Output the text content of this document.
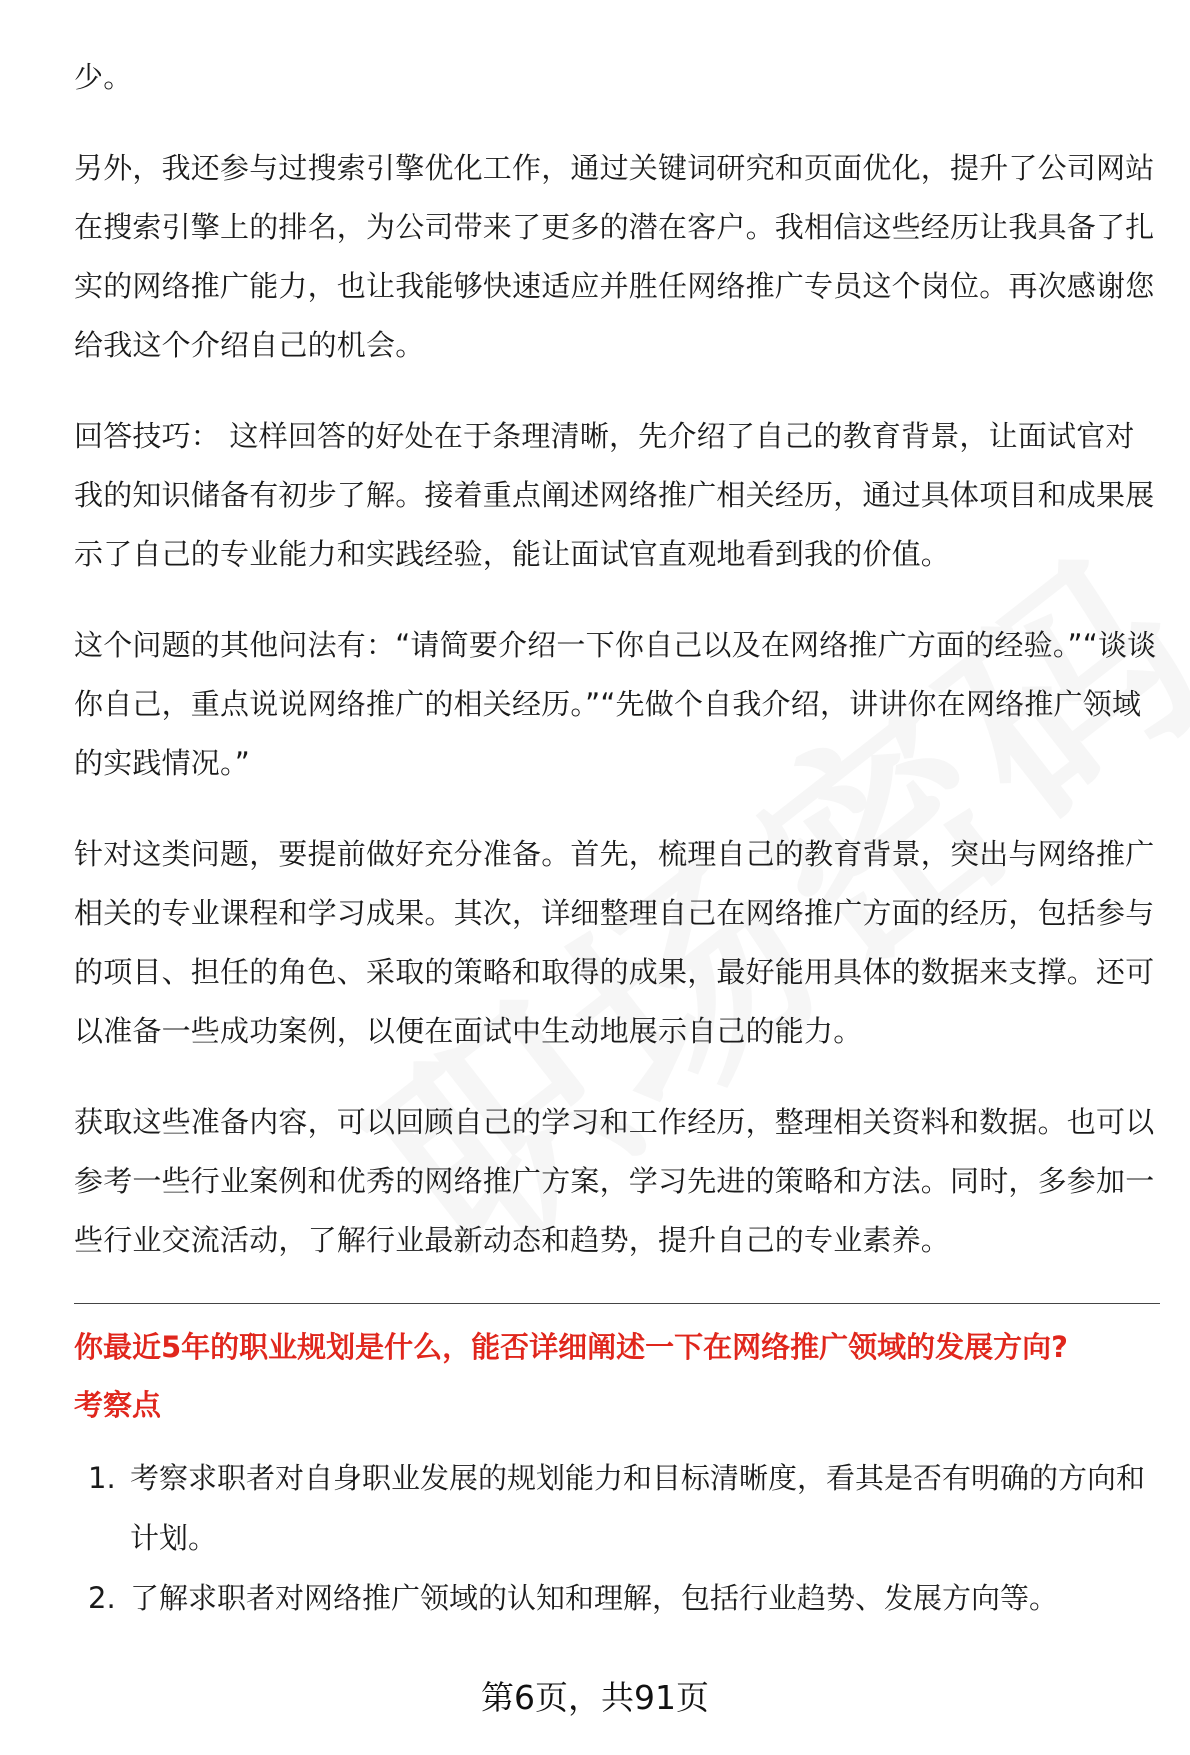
少。

另外，我还参与过搜索引擎优化工作，通过关键词研究和页面优化，提升了公司网站在搜索引擎上的排名，为公司带来了更多的潜在客户。我相信这些经历让我具备了扎实的网络推广能力，也让我能够快速适应并胜任网络推广专员这个岗位。再次感谢您给我这个介绍自己的机会。

回答技巧： 这样回答的好处在于条理清晰，先介绍了自己的教育背景，让面试官对我的知识储备有初步了解。接着重点阐述网络推广相关经历，通过具体项目和成果展示了自己的专业能力和实践经验，能让面试官直观地看到我的价值。

这个问题的其他问法有：“请简要介绍一下你自己以及在网络推广方面的经验。”“谈谈你自己，重点说说网络推广的相关经历。”“先做个自我介绍，讲讲你在网络推广领域的实践情况。”

针对这类问题，要提前做好充分准备。首先，梳理自己的教育背景，突出与网络推广相关的专业课程和学习成果。其次，详细整理自己在网络推广方面的经历，包括参与的项目、担任的角色、采取的策略和取得的成果，最好能用具体的数据来支撑。还可以准备一些成功案例，以便在面试中生动地展示自己的能力。

获取这些准备内容，可以回顾自己的学习和工作经历，整理相关资料和数据。也可以参考一些行业案例和优秀的网络推广方案，学习先进的策略和方法。同时，多参加一些行业交流活动，了解行业最新动态和趋势，提升自己的专业素养。

你最近5年的职业规划是什么，能否详细阐述一下在网络推广领域的发展方向?

考察点

1. 考察求职者对自身职业发展的规划能力和目标清晰度，看其是否有明确的方向和计划。
2. 了解求职者对网络推广领域的认知和理解，包括行业趋势、发展方向等。
第6页，共91页
